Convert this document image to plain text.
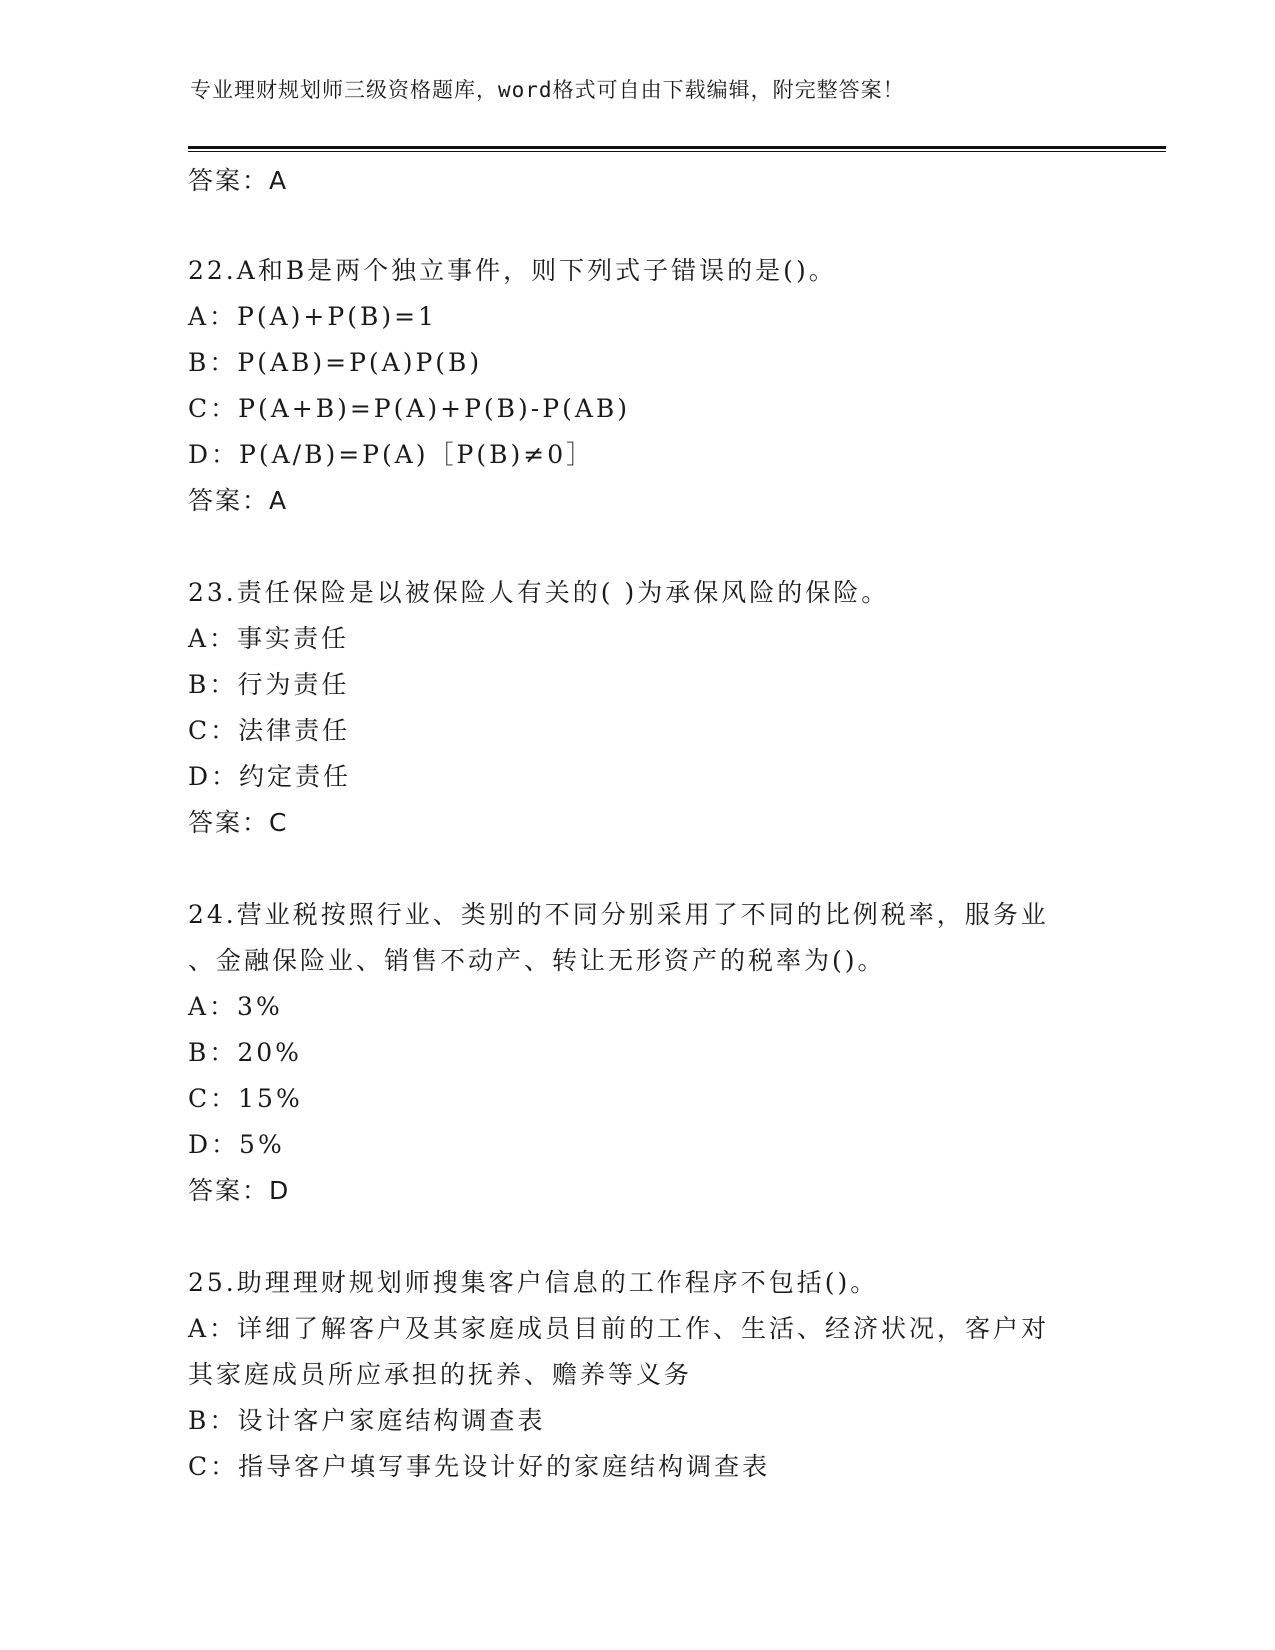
专业理财规划师三级资格题库，word格式可自由下载编辑，附完整答案！
答案：A
22.A和B是两个独立事件，则下列式子错误的是()。
A：P(A)+P(B)=1
B：P(AB)=P(A)P(B)
C：P(A+B)=P(A)+P(B)-P(AB)
D：P(A/B)=P(A)［P(B)≠0］
答案：A
23.责任保险是以被保险人有关的( )为承保风险的保险。
A：事实责任
B：行为责任
C：法律责任
D：约定责任
答案：C
24.营业税按照行业、类别的不同分别采用了不同的比例税率，服务业
、金融保险业、销售不动产、转让无形资产的税率为()。
A：3%
B：20%
C：15%
D：5%
答案：D
25.助理理财规划师搜集客户信息的工作程序不包括()。
A：详细了解客户及其家庭成员目前的工作、生活、经济状况，客户对
其家庭成员所应承担的抚养、赡养等义务
B：设计客户家庭结构调查表
C：指导客户填写事先设计好的家庭结构调查表
